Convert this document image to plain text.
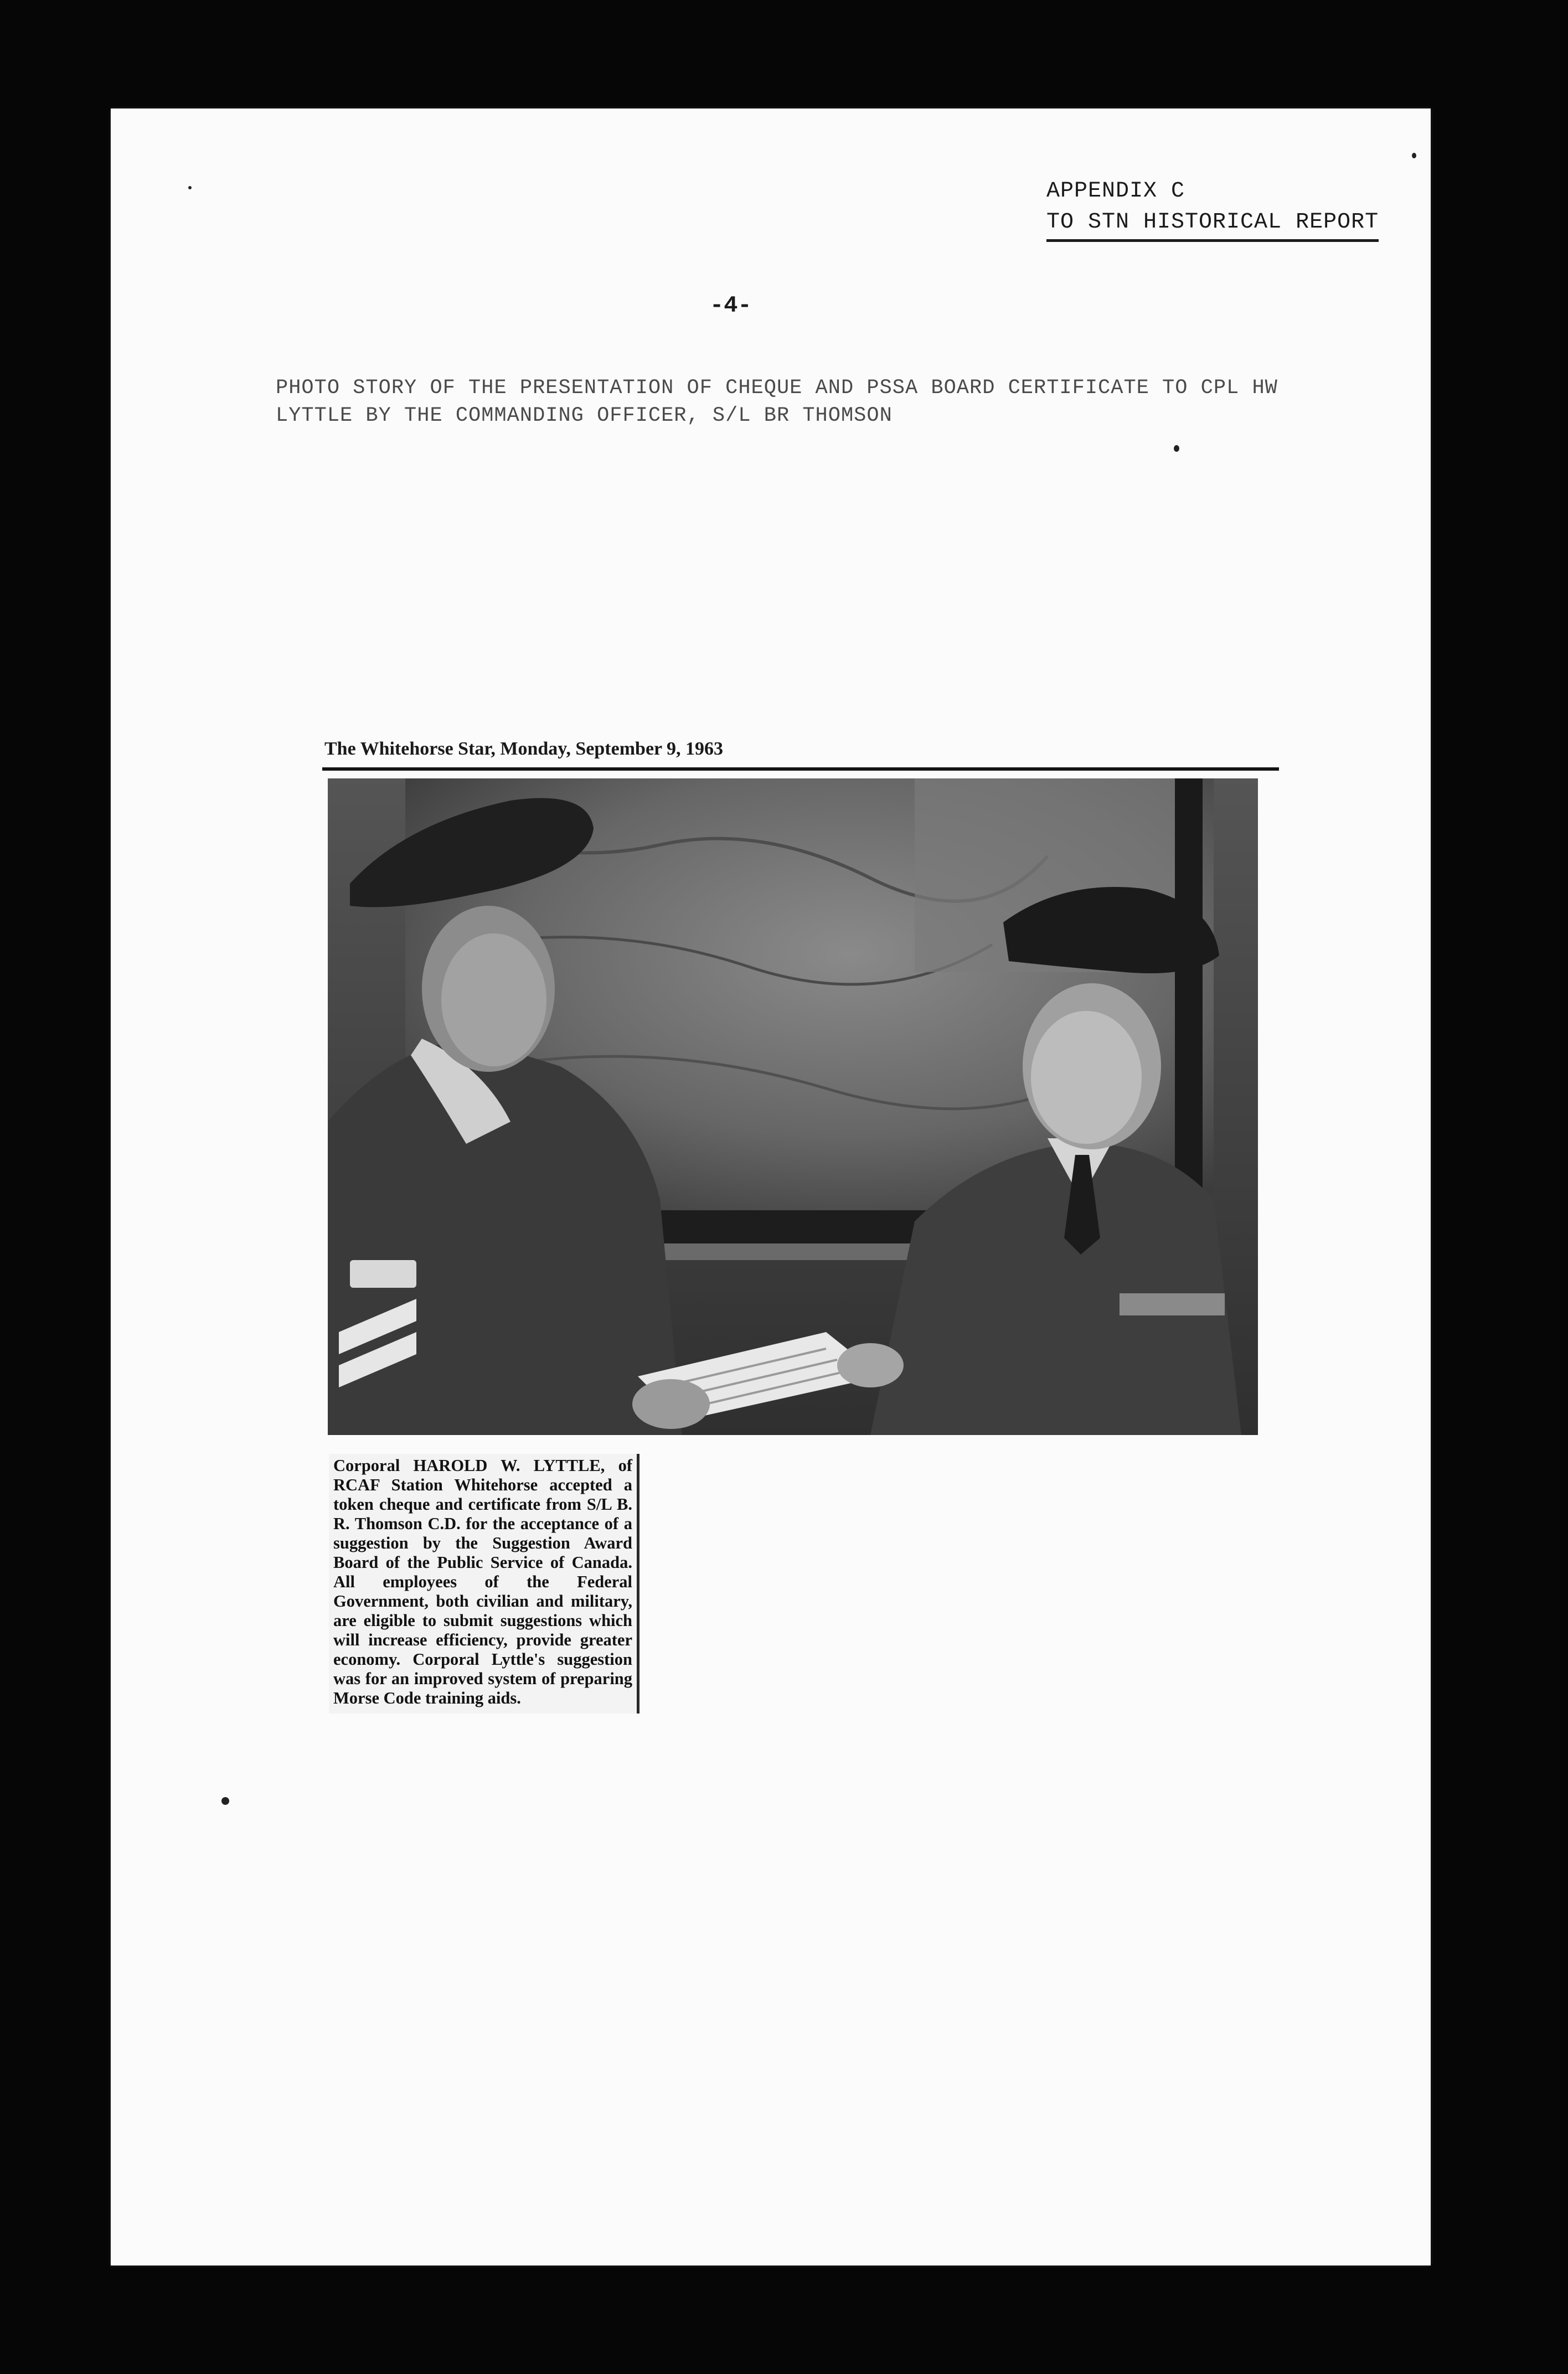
APPENDIX C
TO STN HISTORICAL REPORT
-4-
PHOTO STORY OF THE PRESENTATION OF CHEQUE AND PSSA BOARD CERTIFICATE TO CPL HW LYTTLE BY THE COMMANDING OFFICER, S/L BR THOMSON
The Whitehorse Star, Monday, September 9, 1963
Corporal HAROLD W. LYTTLE, of RCAF Station Whitehorse accepted a token cheque and certificate from S/L B. R. Thomson C.D. for the acceptance of a suggestion by the Suggestion Award Board of the Public Service of Canada. All employees of the Federal Government, both civilian and military, are eligible to submit suggestions which will increase efficiency, provide greater economy. Corporal Lyttle's suggestion was for an improved system of preparing Morse Code training aids.
